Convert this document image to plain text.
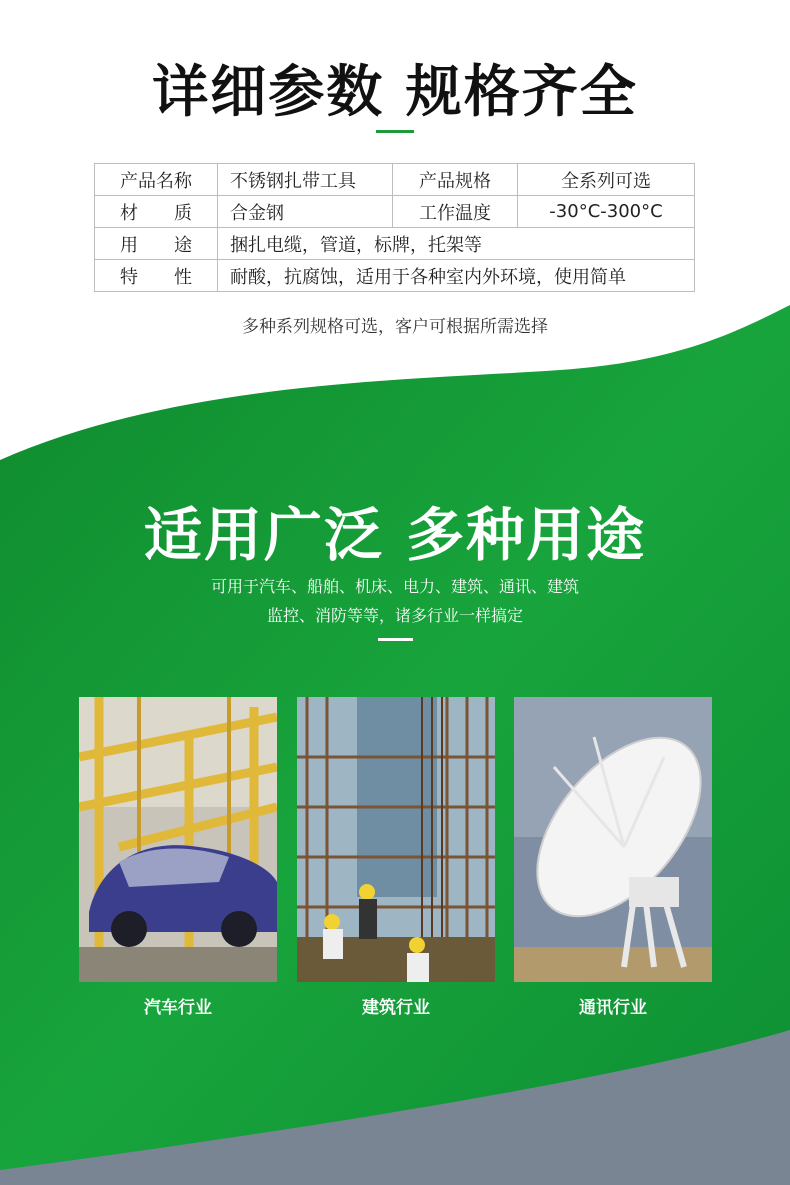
详细参数 规格齐全
产品名称	不锈钢扎带工具	产品规格	全系列可选
材　　质	合金钢	工作温度	-30°C-300°C
用　　途	捆扎电缆，管道，标牌，托架等		
特　　性	耐酸，抗腐蚀，适用于各种室内外环境，使用简单		
多种系列规格可选，客户可根据所需选择
适用广泛 多种用途
可用于汽车、船舶、机床、电力、建筑、通讯、建筑
监控、消防等等，诸多行业一样搞定
汽车行业	建筑行业	通讯行业
